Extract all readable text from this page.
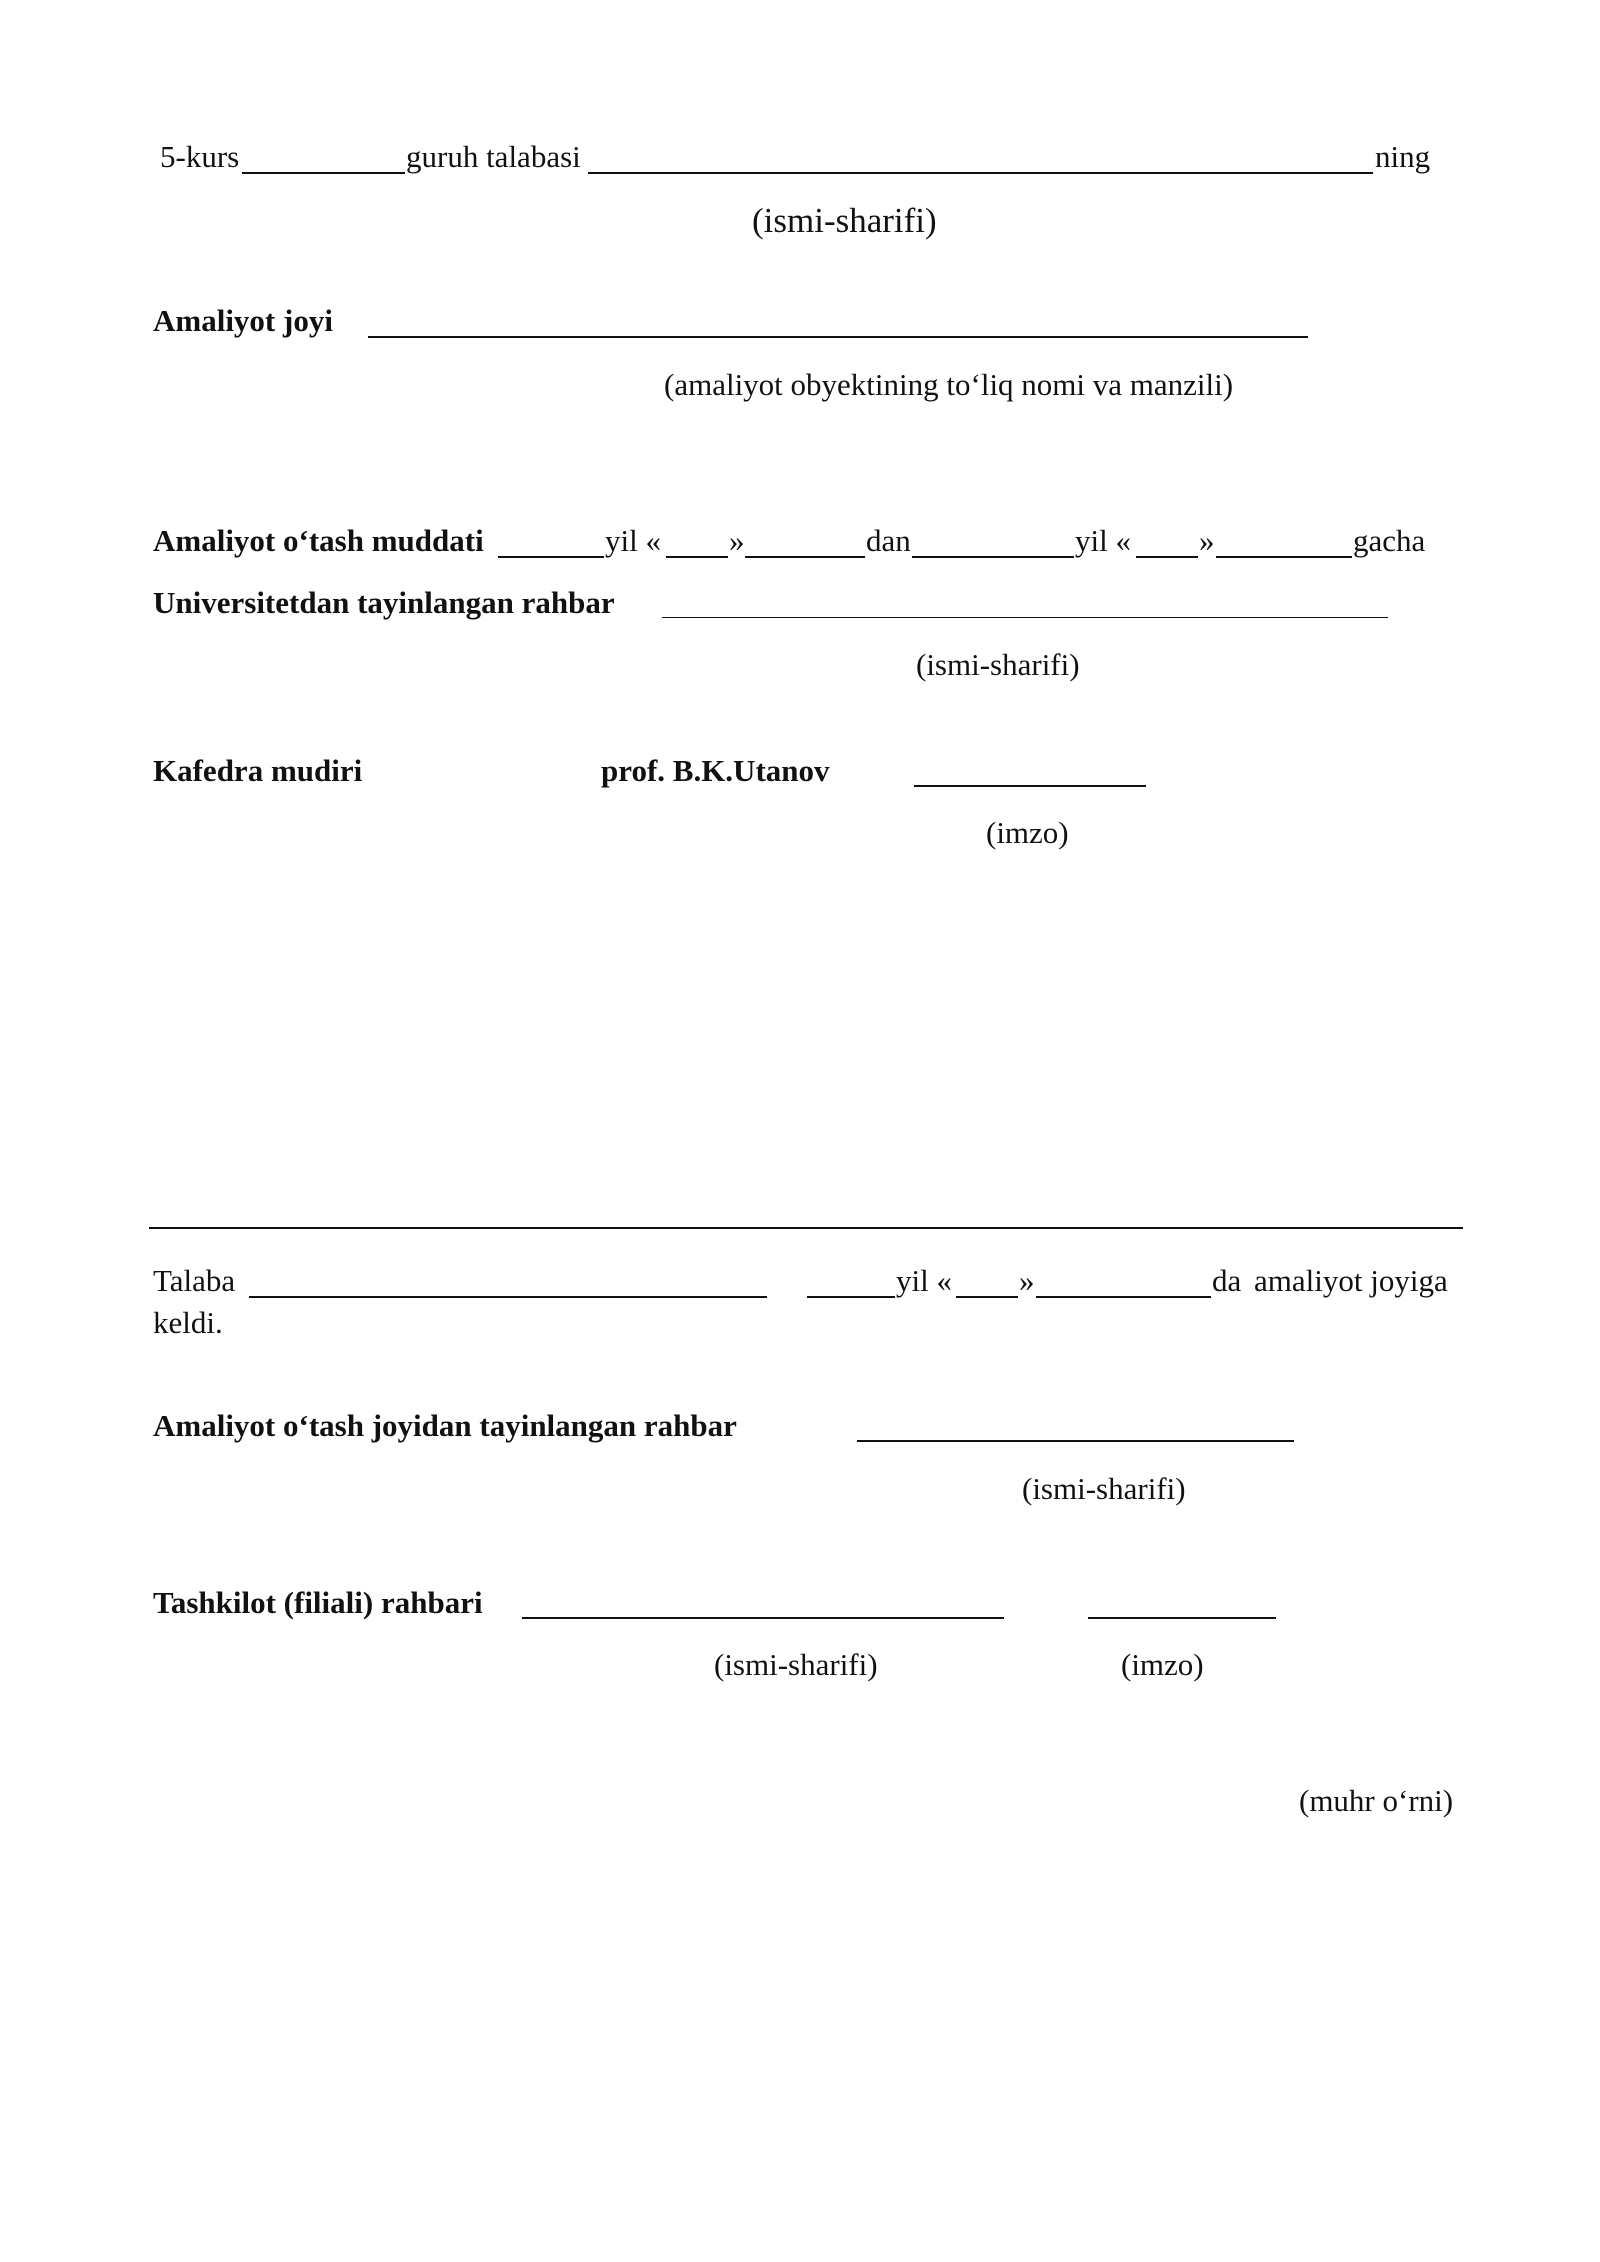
5-kurs	guruh talabasi	ning
(ismi-sharifi)
Amaliyot joyi
(amaliyot obyektining to‘liq nomi va manzili)
Amaliyot o‘tash muddati	yil « »	dan	yil « »	gacha
Universitetdan tayinlangan rahbar
(ismi-sharifi)
Kafedra mudiri	prof. B.K.Utanov
(imzo)
Talaba	yil « »	da amaliyot joyiga
keldi.
Amaliyot o‘tash joyidan tayinlangan rahbar
(ismi-sharifi)
Tashkilot (filiali) rahbari
(ismi-sharifi)	(imzo)
(muhr o‘rni)
